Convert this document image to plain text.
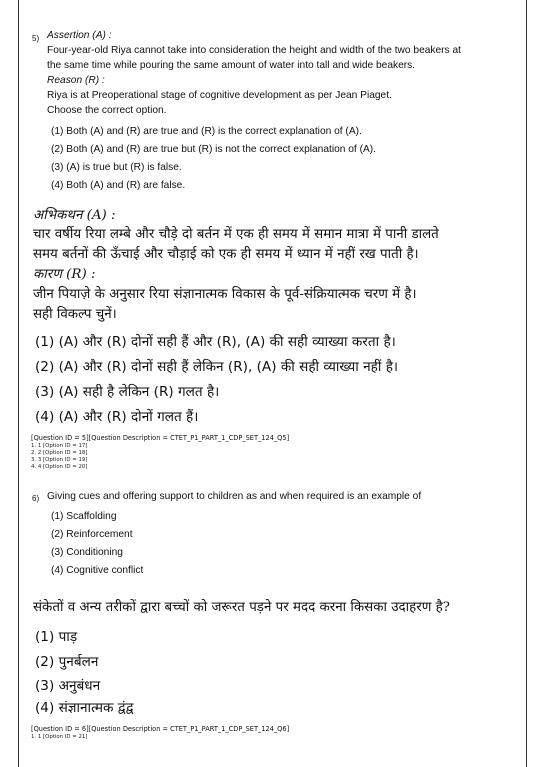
5) Assertion (A) :
Four-year-old Riya cannot take into consideration the height and width of the two beakers at
the same time while pouring the same amount of water into tall and wide beakers.
Reason (R) :
Riya is at Preoperational stage of cognitive development as per Jean Piaget.
Choose the correct option.
(1) Both (A) and (R) are true and (R) is the correct explanation of (A).
(2) Both (A) and (R) are true but (R) is not the correct explanation of (A).
(3) (A) is true but (R) is false.
(4) Both (A) and (R) are false.
अभिकथन (A) :
चार वर्षीय रिया लम्बे और चौड़े दो बर्तन में एक ही समय में समान मात्रा में पानी डालते
समय बर्तनों की ऊँचाई और चौड़ाई को एक ही समय में ध्यान में नहीं रख पाती है।
कारण (R) :
जीन पियाज़े के अनुसार रिया संज्ञानात्मक विकास के पूर्व-संक्रियात्मक चरण में है।
सही विकल्प चुनें।
(1) (A) और (R) दोनों सही हैं और (R), (A) की सही व्याख्या करता है।
(2) (A) और (R) दोनों सही हैं लेकिन (R), (A) की सही व्याख्या नहीं है।
(3) (A) सही है लेकिन (R) गलत है।
(4) (A) और (R) दोनों गलत हैं।
[Question ID = 5][Question Description = CTET_P1_PART_1_CDP_SET_124_Q5]
1. 1 [Option ID = 17]
2. 2 [Option ID = 18]
3. 3 [Option ID = 19]
4. 4 [Option ID = 20]
6) Giving cues and offering support to children as and when required is an example of
(1) Scaffolding
(2) Reinforcement
(3) Conditioning
(4) Cognitive conflict
संकेतों व अन्य तरीकों द्वारा बच्चों को जरूरत पड़ने पर मदद करना किसका उदाहरण है?
(1) पाड़
(2) पुनर्बलन
(3) अनुबंधन
(4) संज्ञानात्मक द्वंद्व
[Question ID = 6][Question Description = CTET_P1_PART_1_CDP_SET_124_Q6]
1. 1 [Option ID = 21]
